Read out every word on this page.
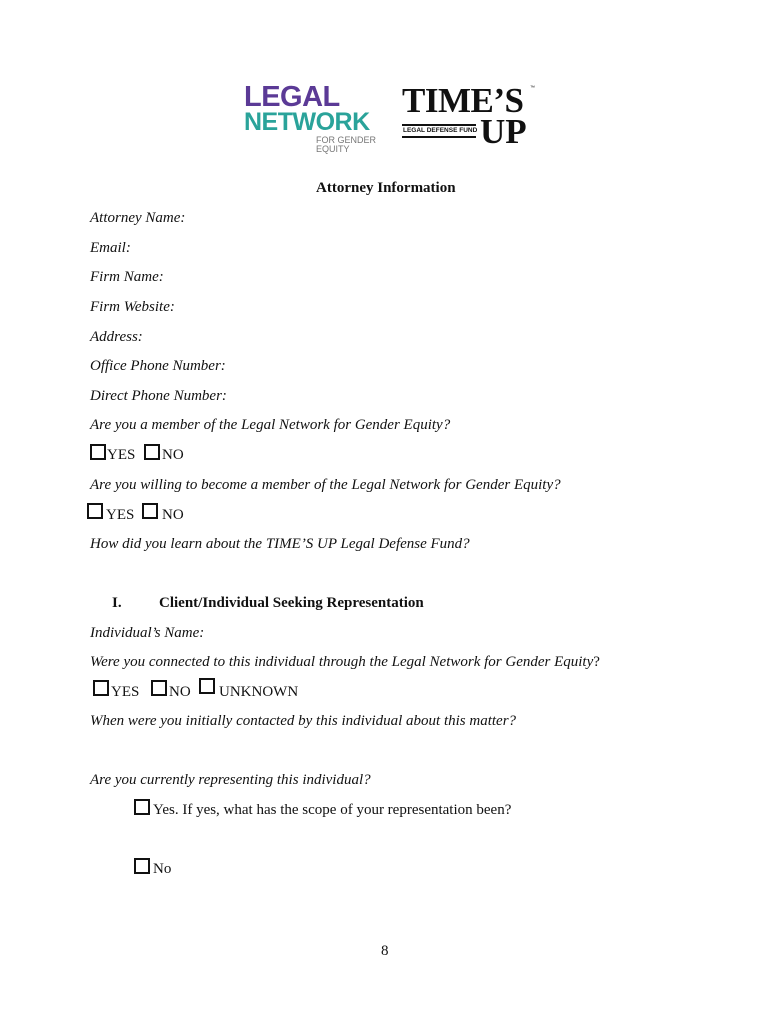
LEGAL
NETWORK
FOR GENDER
EQUITY
TIME’S ™
LEGAL DEFENSE FUND UP
Attorney Information
Attorney Name:
Email:
Firm Name:
Firm Website:
Address:
Office Phone Number:
Direct Phone Number:
Are you a member of the Legal Network for Gender Equity?
YES NO
Are you willing to become a member of the Legal Network for Gender Equity?
YES NO
How did you learn about the TIME’S UP Legal Defense Fund?
I. Client/Individual Seeking Representation
Individual’s Name:
Were you connected to this individual through the Legal Network for Gender Equity?
YES NO UNKNOWN
When were you initially contacted by this individual about this matter?
Are you currently representing this individual?
Yes. If yes, what has the scope of your representation been?
No
8
